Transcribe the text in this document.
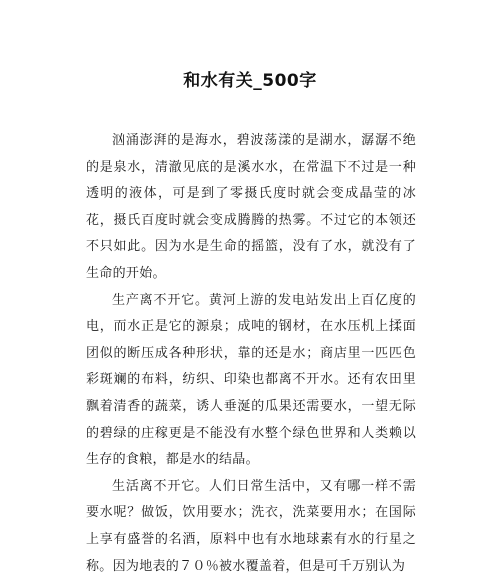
和水有关_500字

汹涌澎湃的是海水，碧波荡漾的是湖水，潺潺不绝的是泉水，清澈见底的是溪水水，在常温下不过是一种透明的液体，可是到了零摄氏度时就会变成晶莹的冰花，摄氏百度时就会变成腾腾的热雾。不过它的本领还不只如此。因为水是生命的摇篮，没有了水，就没有了生命的开始。

生产离不开它。黄河上游的发电站发出上百亿度的电，而水正是它的源泉；成吨的钢材，在水压机上揉面团似的断压成各种形状，靠的还是水；商店里一匹匹色彩斑斓的布料，纺织、印染也都离不开水。还有农田里飘着清香的蔬菜，诱人垂涎的瓜果还需要水，一望无际的碧绿的庄稼更是不能没有水整个绿色世界和人类赖以生存的食粮，都是水的结晶。

生活离不开它。人们日常生活中，又有哪一样不需要水呢？做饭，饮用要水；洗衣，洗菜要用水；在国际上享有盛誉的名酒，原料中也有水地球素有水的行星之称。因为地表的７０％被水覆盖着，但是可千万别认为
